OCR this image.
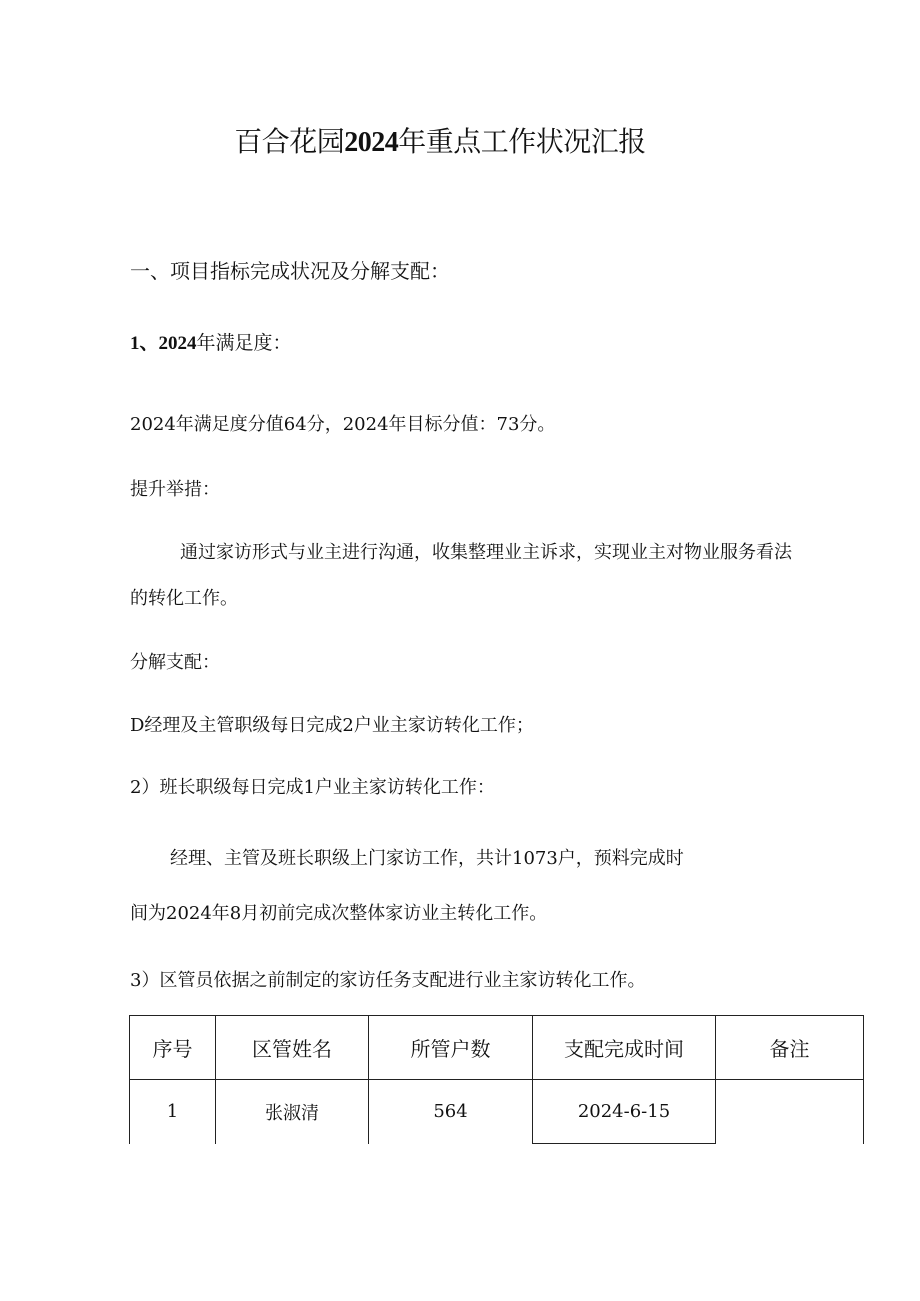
百合花园2024年重点工作状况汇报
一、项目指标完成状况及分解支配：
1、2024年满足度：
2024年满足度分值64分，2024年目标分值：73分。
提升举措：
通过家访形式与业主进行沟通，收集整理业主诉求，实现业主对物业服务看法
的转化工作。
分解支配：
D经理及主管职级每日完成2户业主家访转化工作；
2）班长职级每日完成1户业主家访转化工作：
经理、主管及班长职级上门家访工作，共计1073户，预料完成时
间为2024年8月初前完成次整体家访业主转化工作。
3）区管员依据之前制定的家访任务支配进行业主家访转化工作。
序号	区管姓名	所管户数	支配完成时间	备注
1	张淑清	564	2024-6-15	
